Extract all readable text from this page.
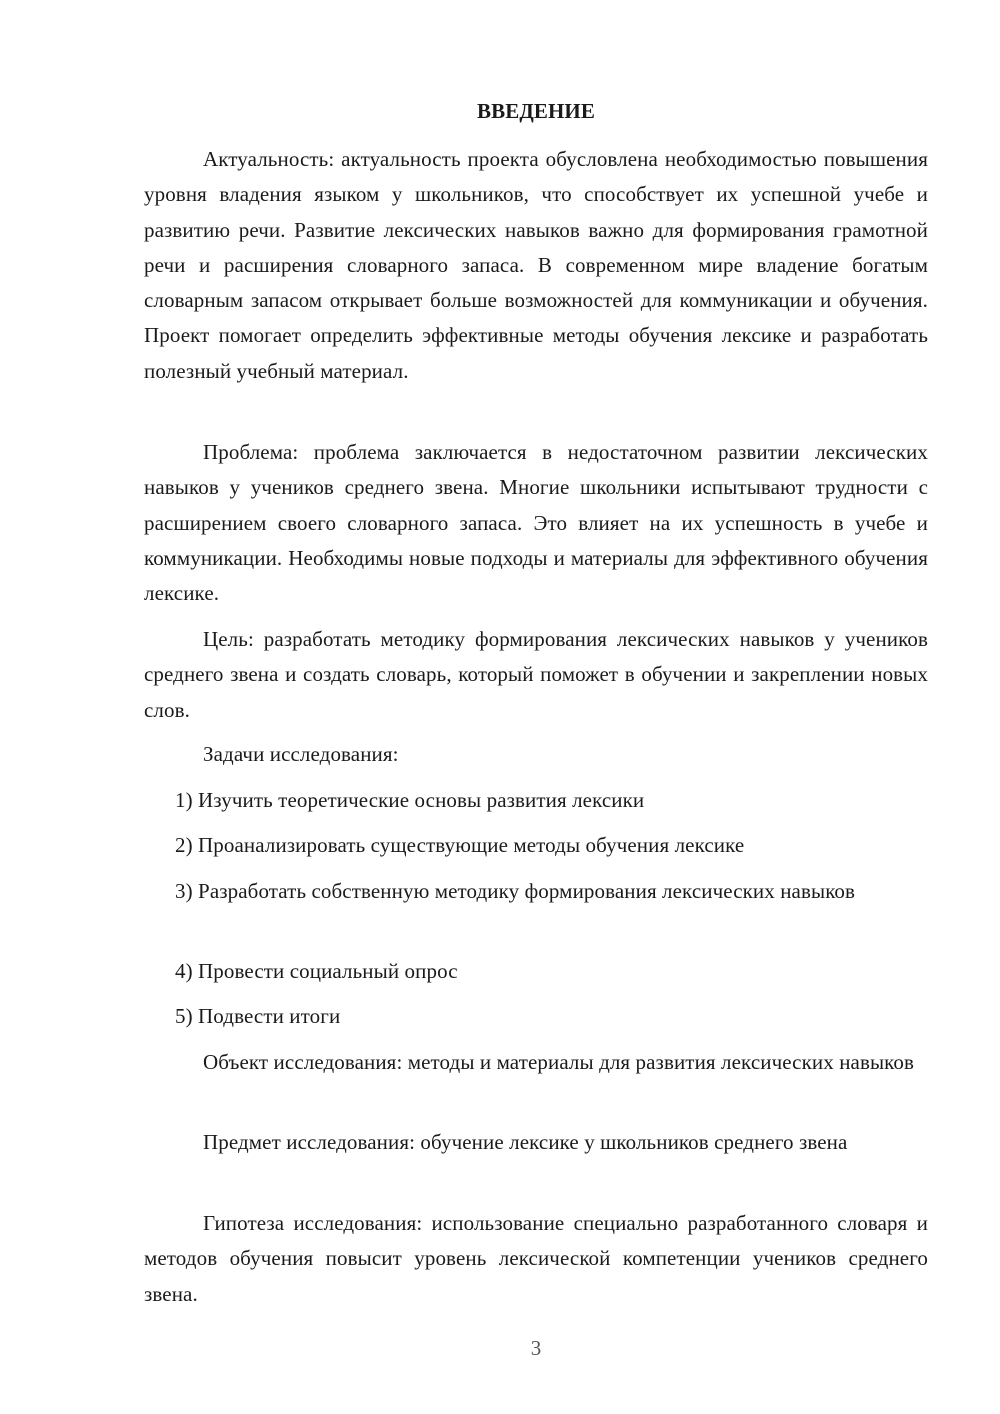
ВВЕДЕНИЕ

Актуальность: актуальность проекта обусловлена необходимостью повышения уровня владения языком у школьников, что способствует их успешной учебе и развитию речи. Развитие лексических навыков важно для формирования грамотной речи и расширения словарного запаса. В современном мире владение богатым словарным запасом открывает больше возможностей для коммуникации и обучения. Проект помогает определить эффективные методы обучения лексике и разработать полезный учебный материал.

Проблема: проблема заключается в недостаточном развитии лексических навыков у учеников среднего звена. Многие школьники испытывают трудности с расширением своего словарного запаса. Это влияет на их успешность в учебе и коммуникации. Необходимы новые подходы и материалы для эффективного обучения лексике.

Цель: разработать методику формирования лексических навыков у учеников среднего звена и создать словарь, который поможет в обучении и закреплении новых слов.

Задачи исследования:

1) Изучить теоретические основы развития лексики

2) Проанализировать существующие методы обучения лексике

3) Разработать собственную методику формирования лексических навыков

4) Провести социальный опрос

5) Подвести итоги

Объект исследования: методы и материалы для развития лексических навыков

Предмет исследования: обучение лексике у школьников среднего звена

Гипотеза исследования: использование специально разработанного словаря и методов обучения повысит уровень лексической компетенции учеников среднего звена.

3
